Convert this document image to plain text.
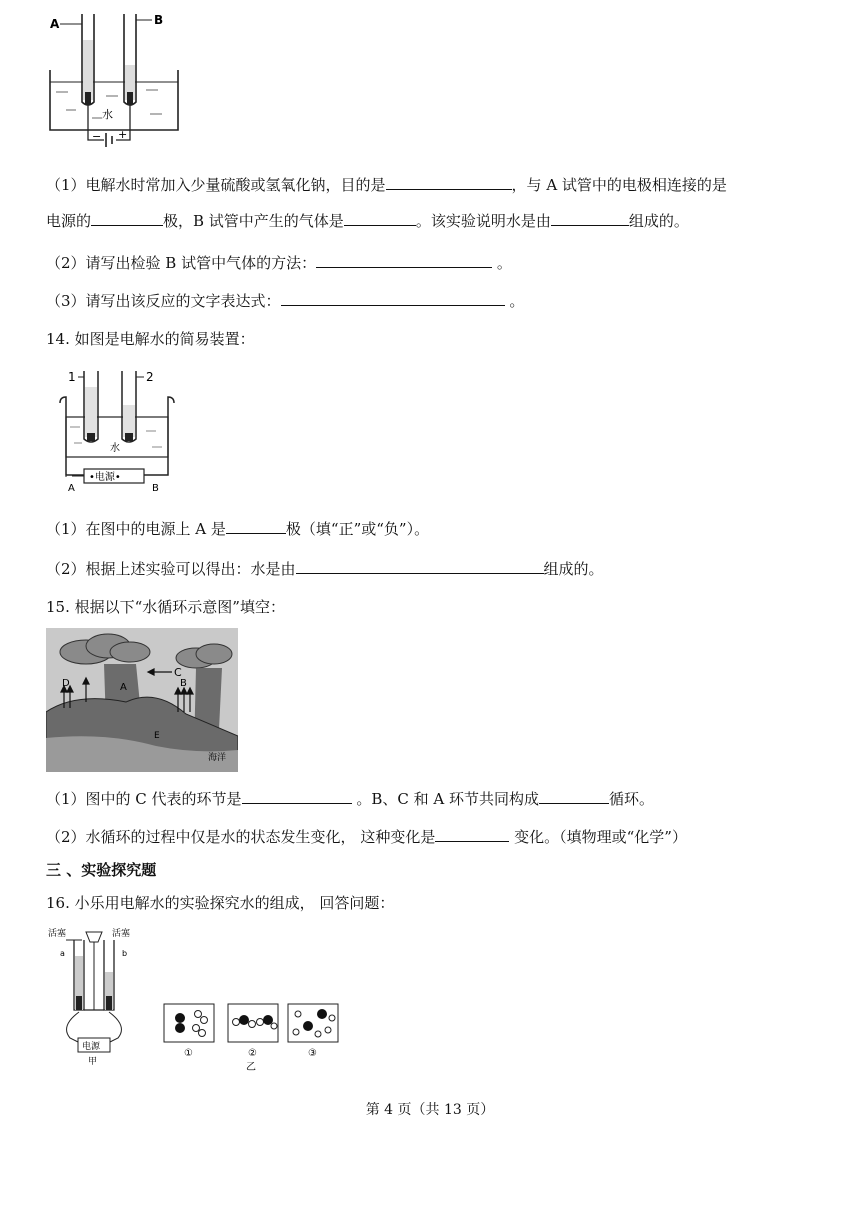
A	B
水
− +
（1）电解水时常加入少量硫酸或氢氧化钠，目的是	，与 A 试管中的电极相连接的是
电源的	极，B 试管中产生的气体是	。该实验说明水是由	组成的。
（2）请写出检验 B 试管中气体的方法：	。
（3）请写出该反应的文字表达式：	。
14. 如图是电解水的简易装置：
1	2
水
•电源•
A	B
（1）在图中的电源上 A 是	极（填“正”或“负”）。
（2）根据上述实验可以得出：水是由	组成的。
15. 根据以下“水循环示意图”填空：
C
D	A	B
E
海洋
（1）图中的 C 代表的环节是	。B、C 和 A 环节共同构成	循环。
（2）水循环的过程中仅是水的状态发生变化， 这种变化是	变化。（填物理或“化学”）
三 、实验探究题
16. 小乐用电解水的实验探究水的组成， 回答问题：
活塞	活塞
a	b
电源
甲
①	②	③
乙
第 4 页（共 13 页）
